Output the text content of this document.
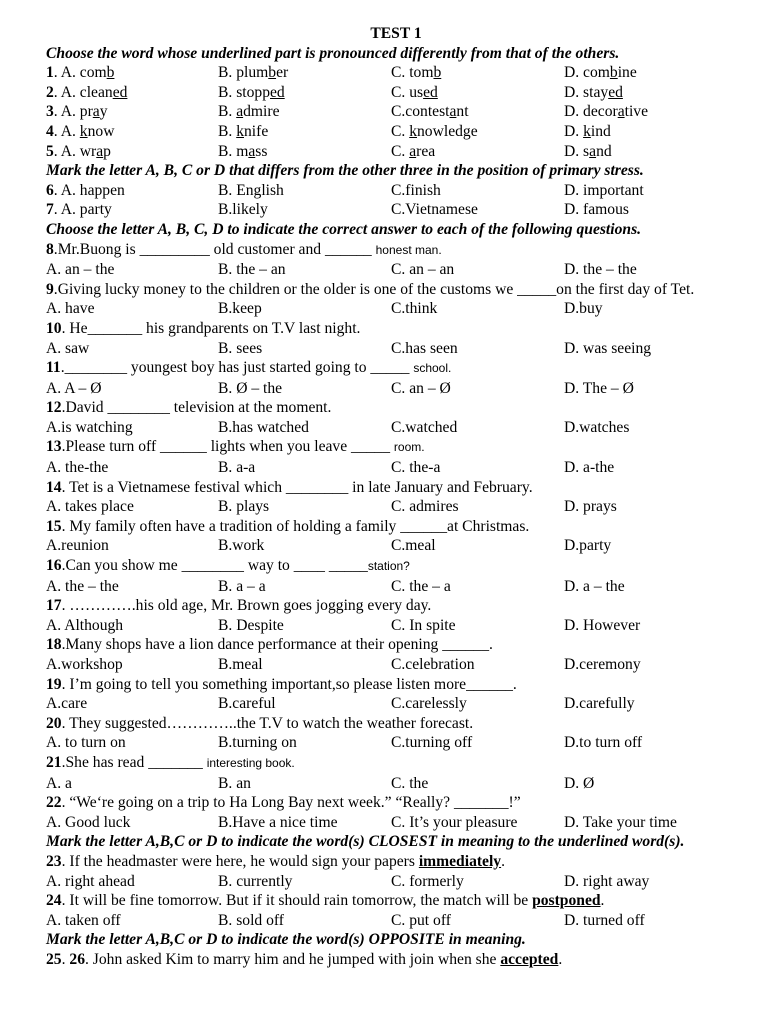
TEST 1
Choose the word whose underlined part is pronounced differently from that of the others.
1. A. comb	B. plumber	C. tomb	D. combine
2. A. cleaned	B. stopped	C. used	D. stayed
3. A. pray	B. admire	C.contestant	D. decorative
4. A. know	B. knife	C. knowledge	D. kind
5. A. wrap	B. mass	C. area	D. sand
Mark the letter A, B, C or D that differs from the other three in the position of primary stress.
6. A. happen	B. English	C.finish	D. important
7. A. party	B.likely	C.Vietnamese	D. famous
Choose the letter A, B, C, D to indicate the correct answer to each of the following questions.
8.Mr.Buong is _________ old customer and ______ honest man.
A. an – the	B. the – an	C. an – an	D. the – the
9.Giving lucky money to the children or the older is one of the customs we _____on the first day of Tet.
A. have	B.keep	C.think	D.buy
10. He_______ his grandparents on T.V last night.
A. saw	B. sees	C.has seen	D. was seeing
11.________ youngest boy has just started going to _____ school.
A. A – Ø	B. Ø – the	C. an – Ø	D. The – Ø
12.David ________ television at the moment.
A.is watching	B.has watched	C.watched	D.watches
13.Please turn off ______ lights when you leave _____ room.
A. the-the	B. a-a	C. the-a	D. a-the
14. Tet is a Vietnamese festival which ________ in late January and February.
A. takes place	B. plays	C. admires	D. prays
15. My family often have a tradition of holding a family ______at Christmas.
A.reunion	B.work	C.meal	D.party
16.Can you show me ________ way to ____ _____station?
A. the – the	B. a – a	C. the – a	D. a – the
17. ………….his old age, Mr. Brown goes jogging every day.
A. Although	B. Despite	C. In spite	D. However
18.Many shops have a lion dance performance at their opening ______.
A.workshop	B.meal	C.celebration	D.ceremony
19. I’m going to tell you something important,so please listen more______.
A.care	B.careful	C.carelessly	D.carefully
20. They suggested…………..the T.V to watch the weather forecast.
A. to turn on	B.turning on	C.turning off	D.to turn off
21.She has read _______ interesting book.
A. a	B. an	C. the	D. Ø
22. “We‘re going on a trip to Ha Long Bay next week.” “Really? _______!”
A. Good luck	B.Have a nice time	C. It’s your pleasure	D. Take your time
Mark the letter A,B,C or D to indicate the word(s) CLOSEST in meaning to the underlined word(s).
23. If the headmaster were here, he would sign your papers immediately.
A. right ahead	B. currently	C. formerly	D. right away
24. It will be fine tomorrow. But if it should rain tomorrow, the match will be postponed.
A. taken off	B. sold off	C. put off	D. turned off
Mark the letter A,B,C or D to indicate the word(s) OPPOSITE in meaning.
25. 26. John asked Kim to marry him and he jumped with join when she accepted.
